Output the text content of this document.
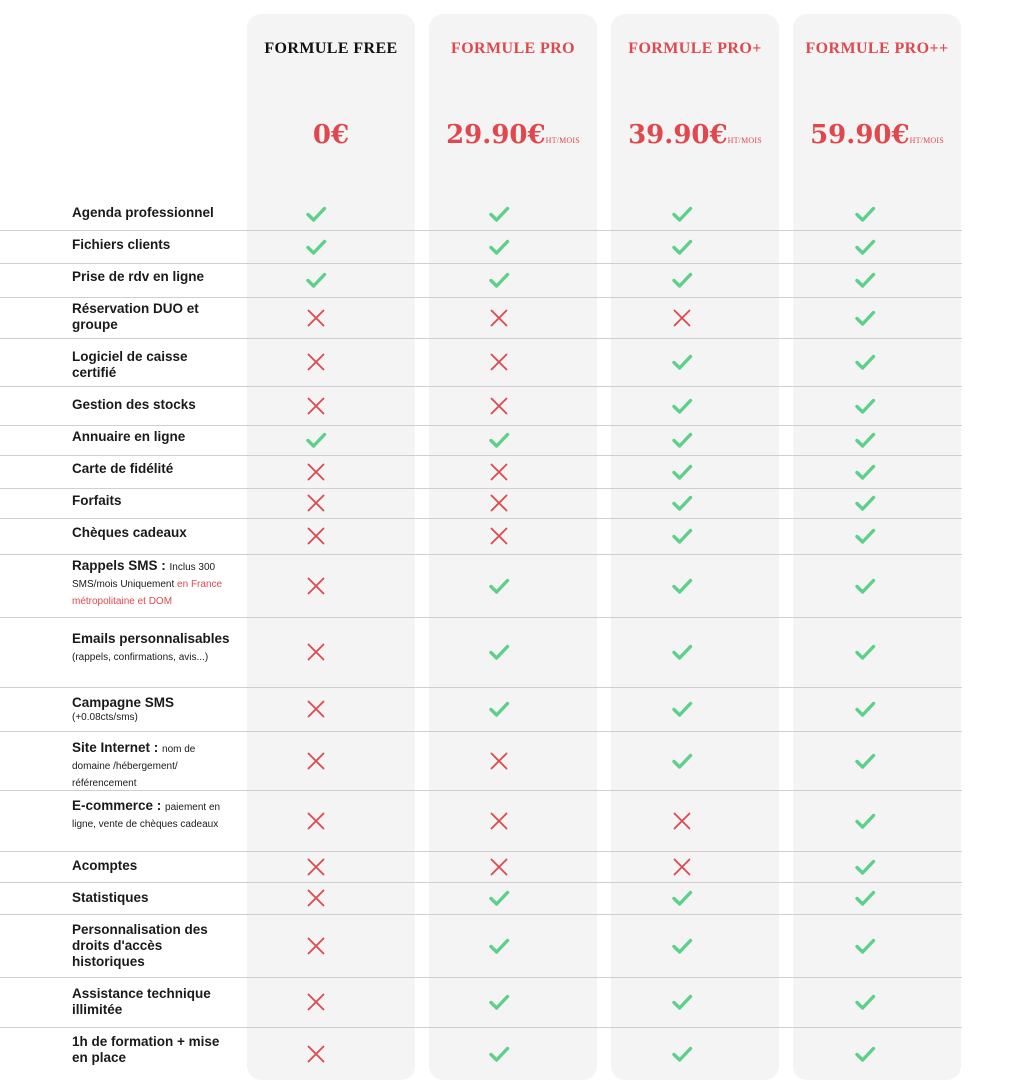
FORMULE FREE
0€
FORMULE PRO
29.90€HT/MOIS
FORMULE PRO+
39.90€HT/MOIS
FORMULE PRO++
59.90€HT/MOIS
Agenda professionnel
Fichiers clients
Prise de rdv en ligne
Réservation DUO et groupe
Logiciel de caisse certifié
Gestion des stocks
Annuaire en ligne
Carte de fidélité
Forfaits
Chèques cadeaux
Rappels SMS : Inclus 300 SMS/mois Uniquement en France métropolitaine et DOM
Emails personnalisables (rappels, confirmations, avis...)
Campagne SMS
(+0.08cts/sms)
Site Internet : nom de domaine /hébergement/ référencement
E-commerce : paiement en ligne, vente de chèques cadeaux
Acomptes
Statistiques
Personnalisation des droits d'accès historiques
Assistance technique illimitée
1h de formation + mise en place
